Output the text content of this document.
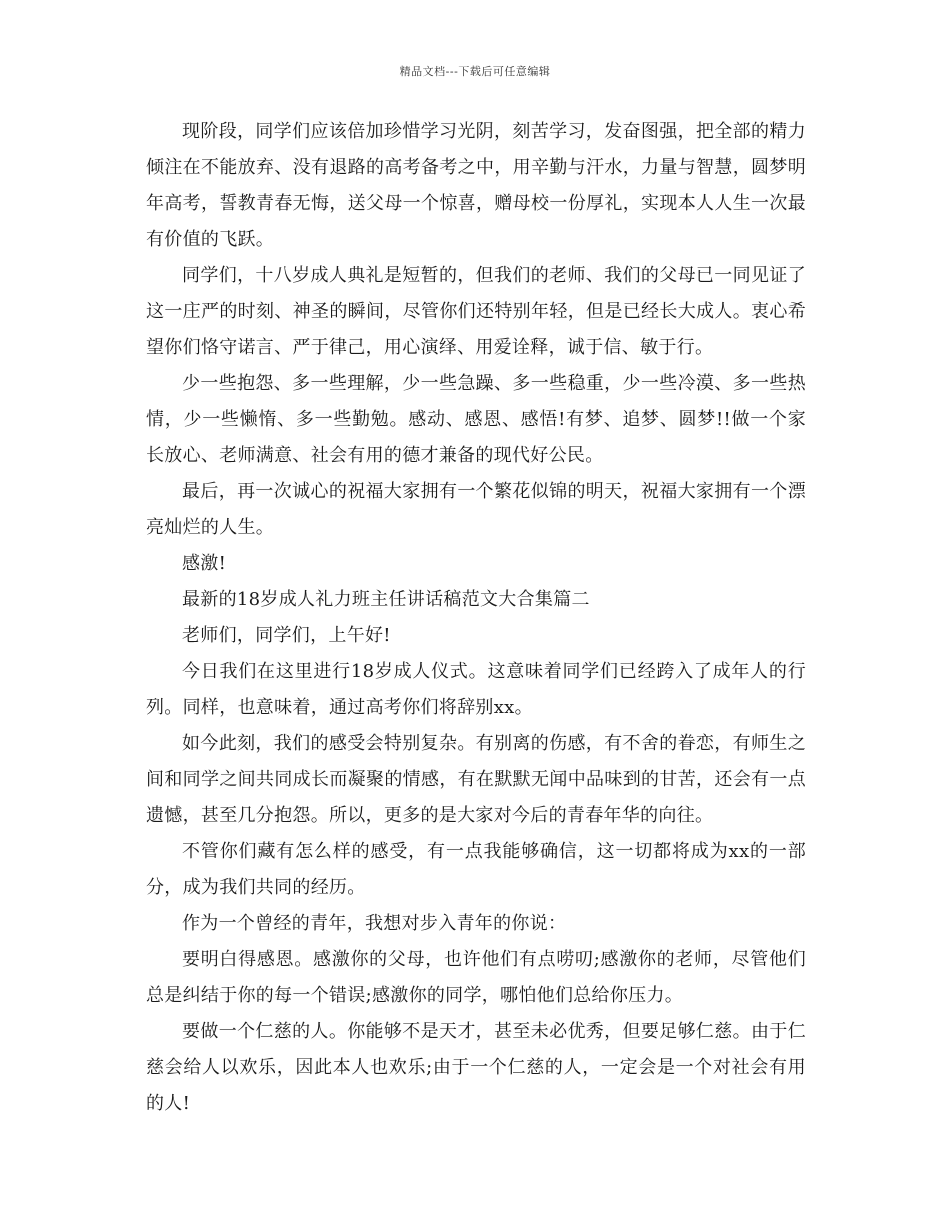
精品文档---下载后可任意编辑

现阶段，同学们应该倍加珍惜学习光阴，刻苦学习，发奋图强，把全部的精力倾注在不能放弃、没有退路的高考备考之中，用辛勤与汗水，力量与智慧，圆梦明年高考，誓教青春无悔，送父母一个惊喜，赠母校一份厚礼，实现本人人生一次最有价值的飞跃。

同学们，十八岁成人典礼是短暂的，但我们的老师、我们的父母已一同见证了这一庄严的时刻、神圣的瞬间，尽管你们还特别年轻，但是已经长大成人。衷心希望你们恪守诺言、严于律己，用心演绎、用爱诠释，诚于信、敏于行。

少一些抱怨、多一些理解，少一些急躁、多一些稳重，少一些冷漠、多一些热情，少一些懒惰、多一些勤勉。感动、感恩、感悟!有梦、追梦、圆梦!!做一个家长放心、老师满意、社会有用的德才兼备的现代好公民。

最后，再一次诚心的祝福大家拥有一个繁花似锦的明天，祝福大家拥有一个漂亮灿烂的人生。

感激!

最新的18岁成人礼力班主任讲话稿范文大合集篇二

老师们，同学们，上午好!

今日我们在这里进行18岁成人仪式。这意味着同学们已经跨入了成年人的行列。同样，也意味着，通过高考你们将辞别xx。

如今此刻，我们的感受会特别复杂。有别离的伤感，有不舍的眷恋，有师生之间和同学之间共同成长而凝聚的情感，有在默默无闻中品味到的甘苦，还会有一点遗憾，甚至几分抱怨。所以，更多的是大家对今后的青春年华的向往。

不管你们藏有怎么样的感受，有一点我能够确信，这一切都将成为xx的一部分，成为我们共同的经历。

作为一个曾经的青年，我想对步入青年的你说：

要明白得感恩。感激你的父母，也许他们有点唠叨;感激你的老师，尽管他们总是纠结于你的每一个错误;感激你的同学，哪怕他们总给你压力。

要做一个仁慈的人。你能够不是天才，甚至未必优秀，但要足够仁慈。由于仁慈会给人以欢乐，因此本人也欢乐;由于一个仁慈的人，一定会是一个对社会有用的人!
